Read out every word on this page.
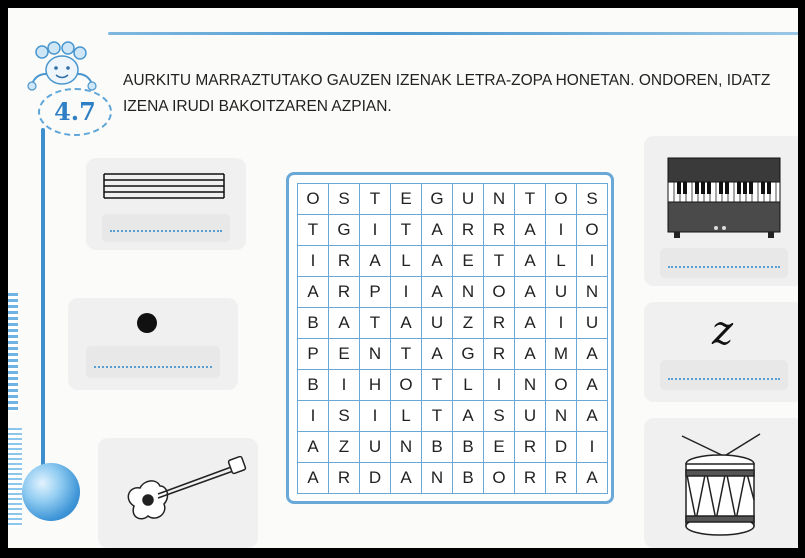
4.7
AURKITU MARRAZTUTAKO GAUZEN IZENAK LETRA-ZOPA HONETAN. ONDOREN, IDATZ
IZENA IRUDI BAKOITZAREN AZPIAN.
z
O	S	T	E	G	U	N	T	O	S
T	G	I	T	A	R	R	A	I	O
I	R	A	L	A	E	T	A	L	I
A	R	P	I	A	N	O	A	U	N
B	A	T	A	U	Z	R	A	I	U
P	E	N	T	A	G	R	A	M	A
B	I	H	O	T	L	I	N	O	A
I	S	I	L	T	A	S	U	N	A
A	Z	U	N	B	B	E	R	D	I
A	R	D	A	N	B	O	R	R	A
